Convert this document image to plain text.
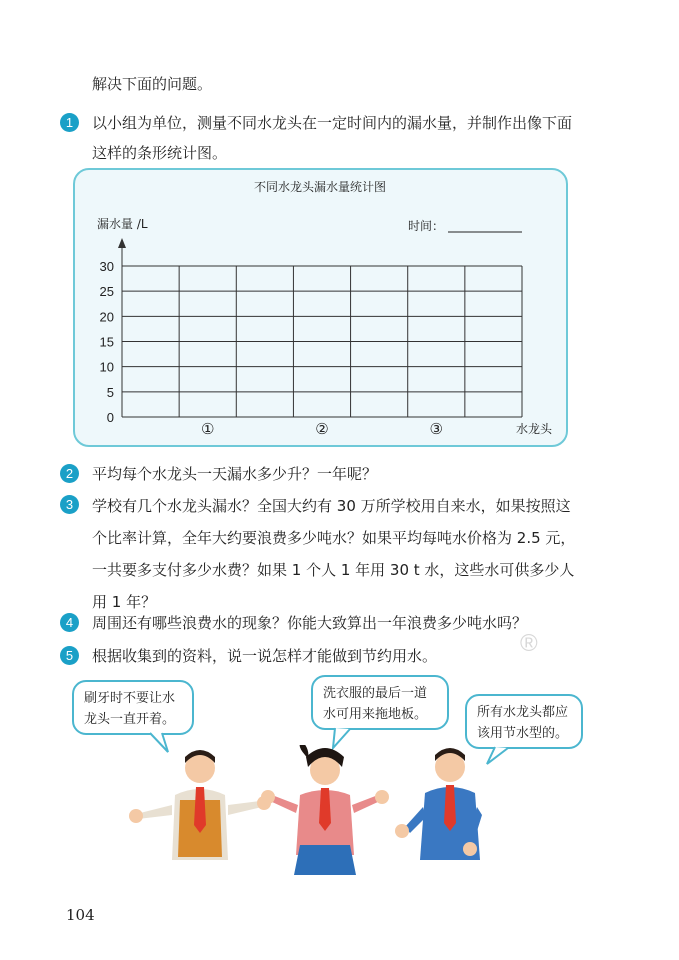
解决下面的问题。
1	以小组为单位，测量不同水龙头在一定时间内的漏水量，并制作出像下面
这样的条形统计图。
不同水龙头漏水量统计图
漏水量 /L	时间：
0
5
10
15
20
25
30
①	②	③	水龙头
2	平均每个水龙头一天漏水多少升？一年呢？
3	学校有几个水龙头漏水？全国大约有 30 万所学校用自来水，如果按照这
个比率计算，全年大约要浪费多少吨水？如果平均每吨水价格为 2.5 元，
一共要多支付多少水费？如果 1 个人 1 年用 30 t 水，这些水可供多少人
用 1 年？
4	周围还有哪些浪费水的现象？你能大致算出一年浪费多少吨水吗？
5	根据收集到的资料，说一说怎样才能做到节约用水。	®
刷牙时不要让水
龙头一直开着。
洗衣服的最后一道
水可用来拖地板。	所有水龙头都应
该用节水型的。
104
